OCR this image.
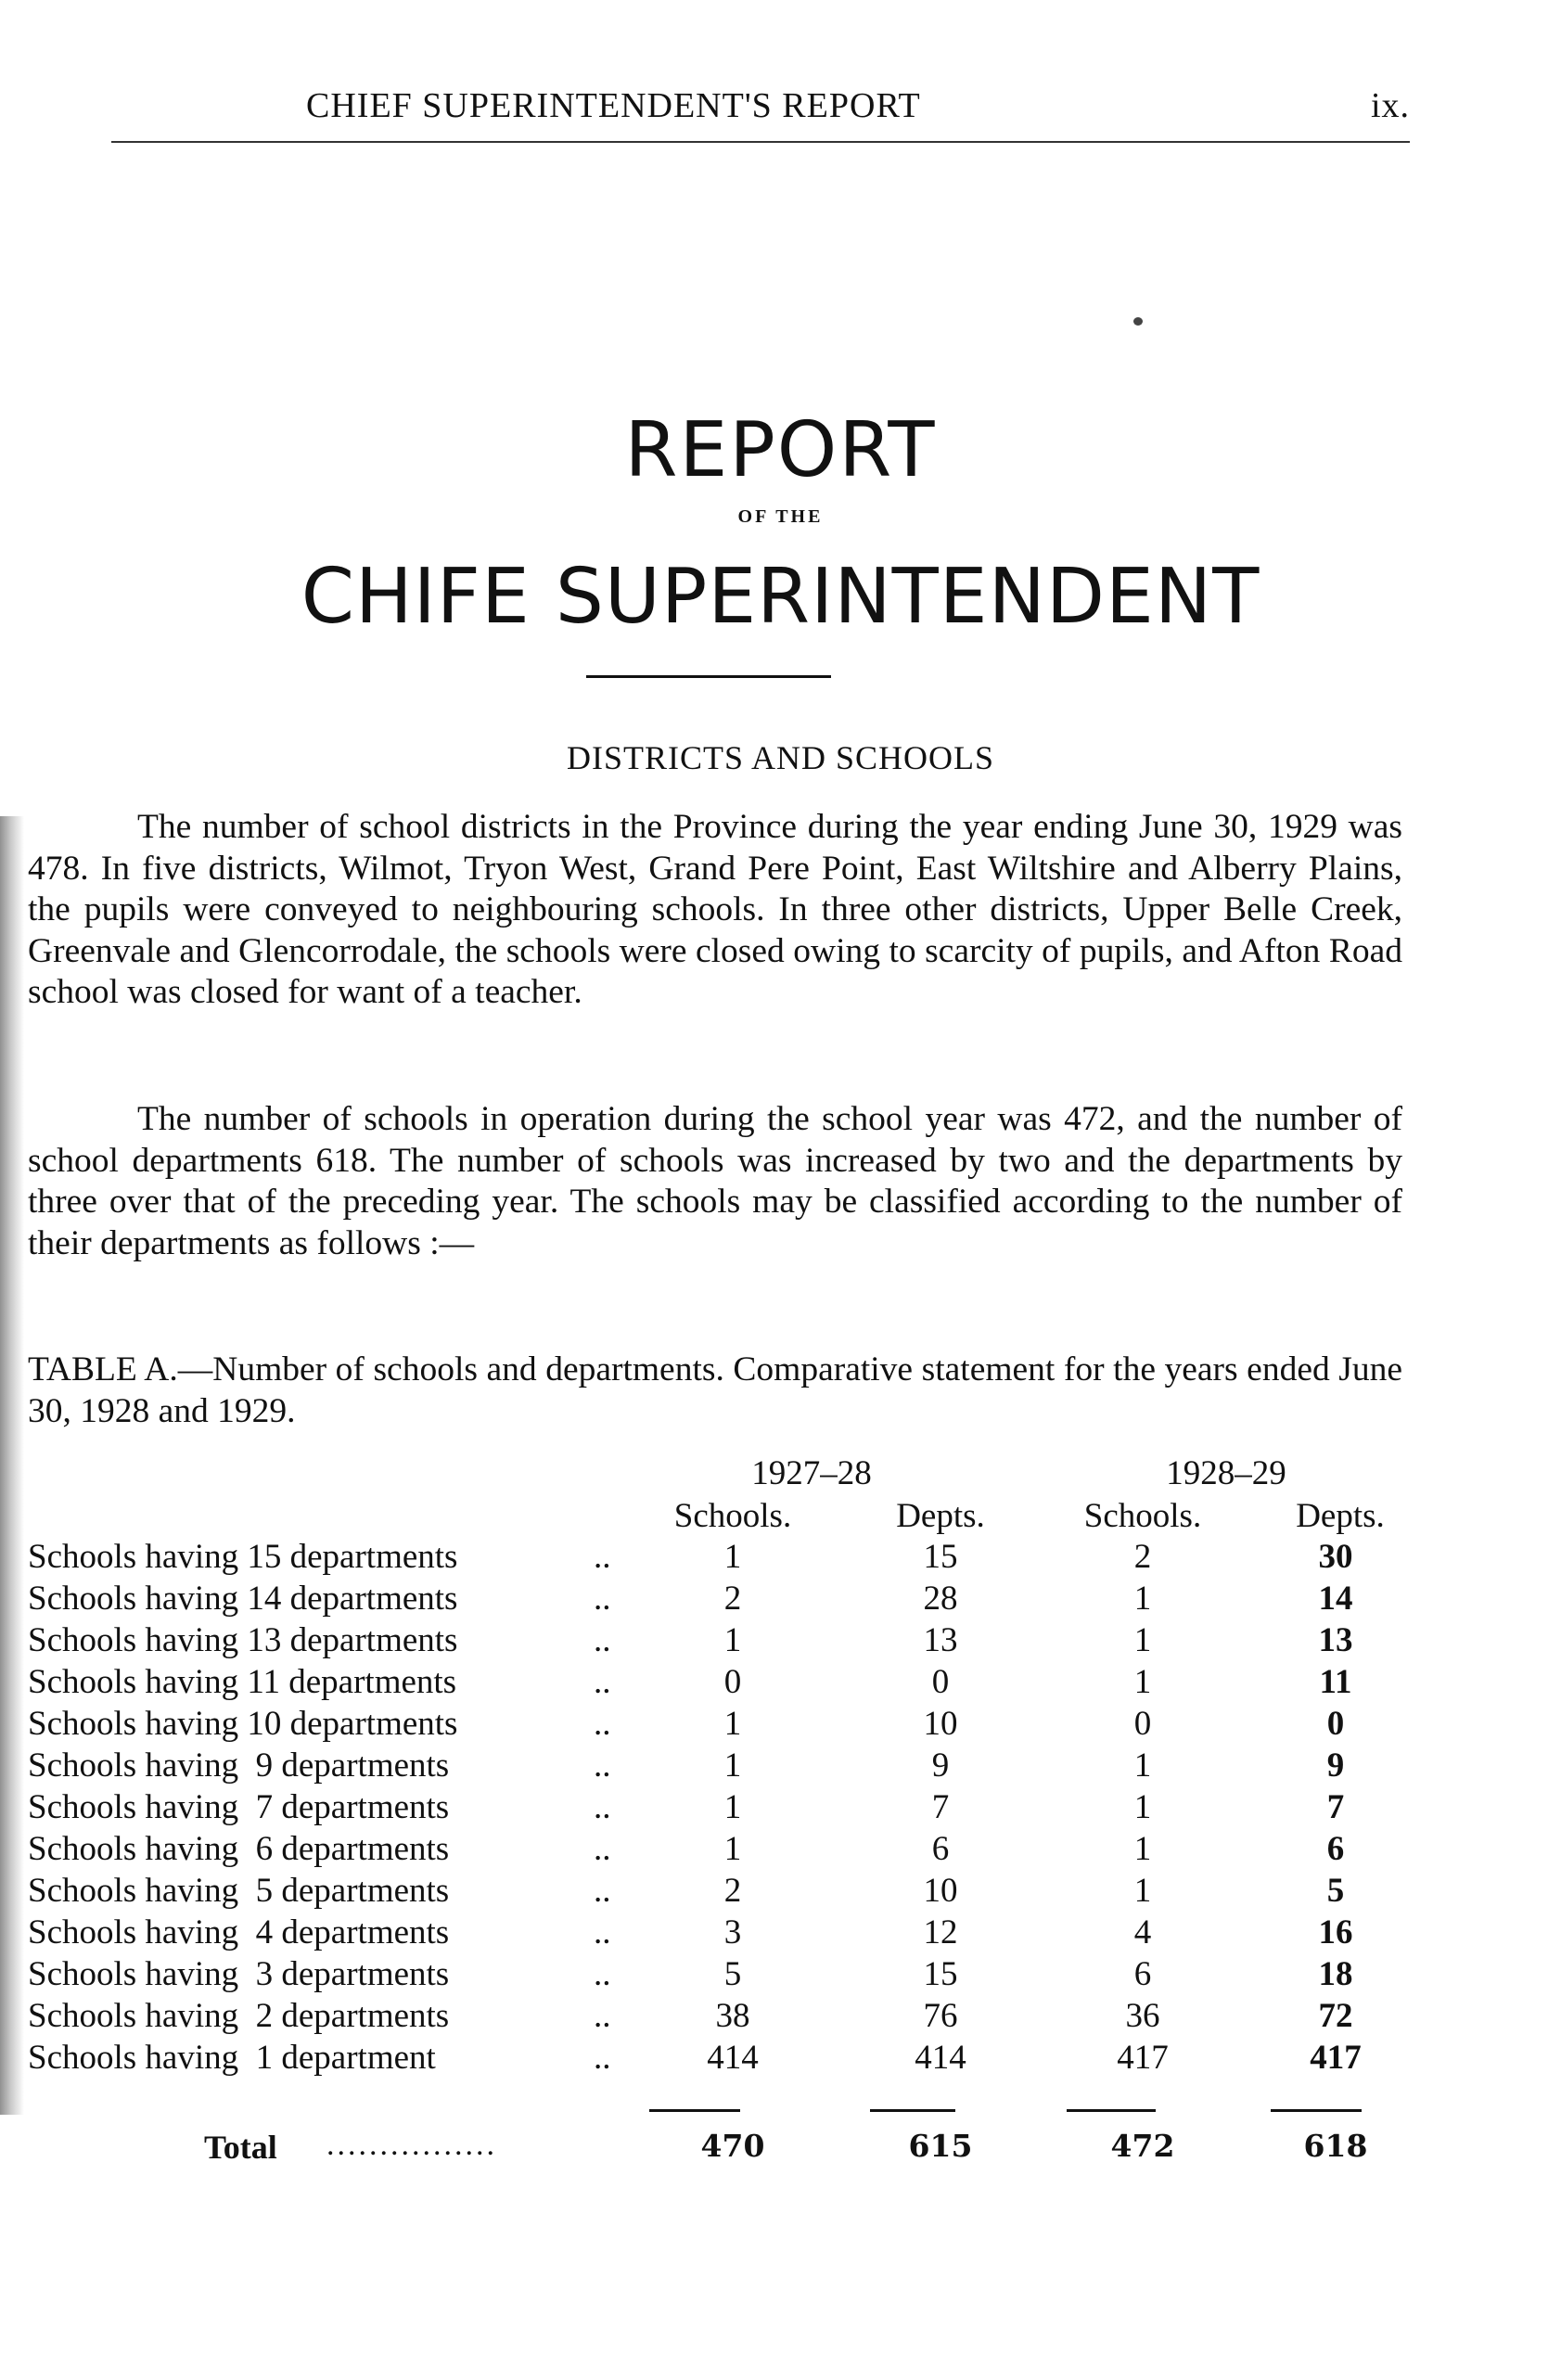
CHIEF SUPERINTENDENT'S REPORT	ix.
REPORT
OF THE
CHIFE SUPERINTENDENT
DISTRICTS AND SCHOOLS

The number of school districts in the Province during the year ending June 30, 1929 was 478. In five districts, Wilmot, Tryon West, Grand Pere Point, East Wiltshire and Alberry Plains, the pupils were conveyed to neighbouring schools. In three other districts, Upper Belle Creek, Greenvale and Glencorrodale, the schools were closed owing to scarcity of pupils, and Afton Road school was closed for want of a teacher.

The number of schools in operation during the school year was 472, and the number of school departments 618. The number of schools was increased by two and the departments by three over that of the preceding year. The schools may be classified according to the number of their departments as follows :—

TABLE A.—Number of schools and departments. Comparative statement for the years ended June 30, 1928 and 1929.

1927–28	1928–29
Schools.	Depts.	Schools.	Depts.
Schools having 15 departments	..	1	15	2	30
Schools having 14 departments	..	2	28	1	14
Schools having 13 departments	..	1	13	1	13
Schools having 11 departments	..	0	0	1	11
Schools having 10 departments	..	1	10	0	0
Schools having  9 departments	..	1	9	1	9
Schools having  7 departments	..	1	7	1	7
Schools having  6 departments	..	1	6	1	6
Schools having  5 departments	..	2	10	1	5
Schools having  4 departments	..	3	12	4	16
Schools having  3 departments	..	5	15	6	18
Schools having  2 departments	..	38	76	36	72
Schools having  1 department	..	414	414	417	417
Total ................	470	615	472	618
